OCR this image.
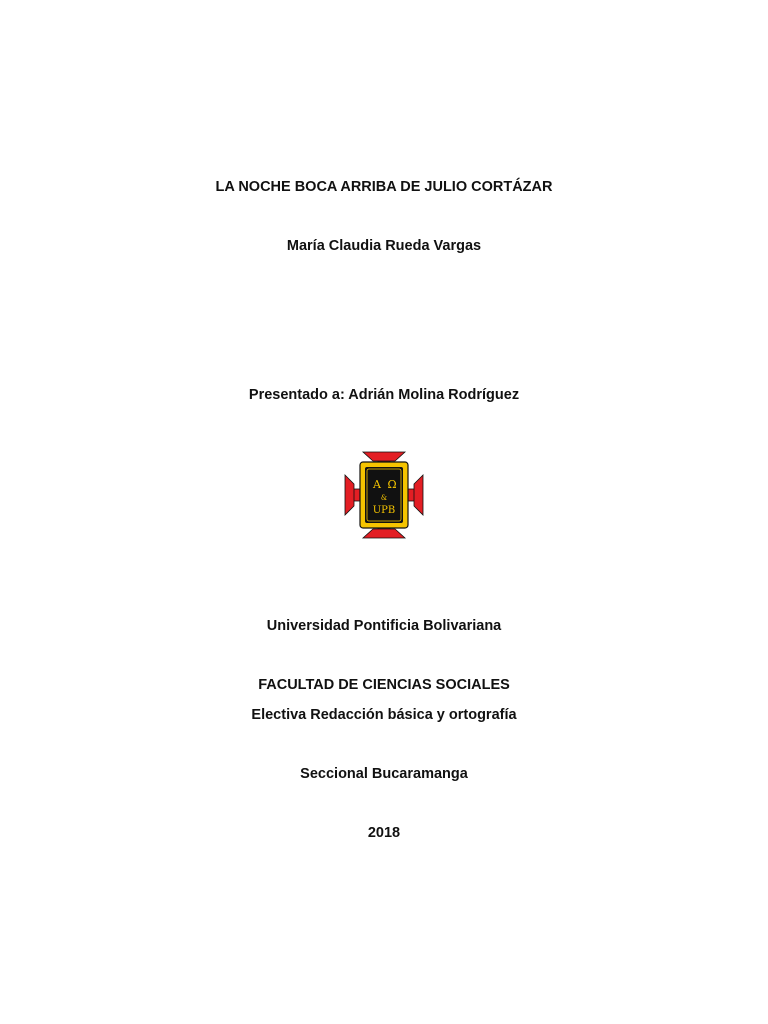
LA NOCHE BOCA ARRIBA DE JULIO CORTÁZAR
María Claudia Rueda Vargas
Presentado a: Adrián Molina Rodríguez
A Ω
&
UPB
Universidad Pontificia Bolivariana
FACULTAD DE CIENCIAS SOCIALES
Electiva Redacción básica y ortografía
Seccional Bucaramanga
2018
